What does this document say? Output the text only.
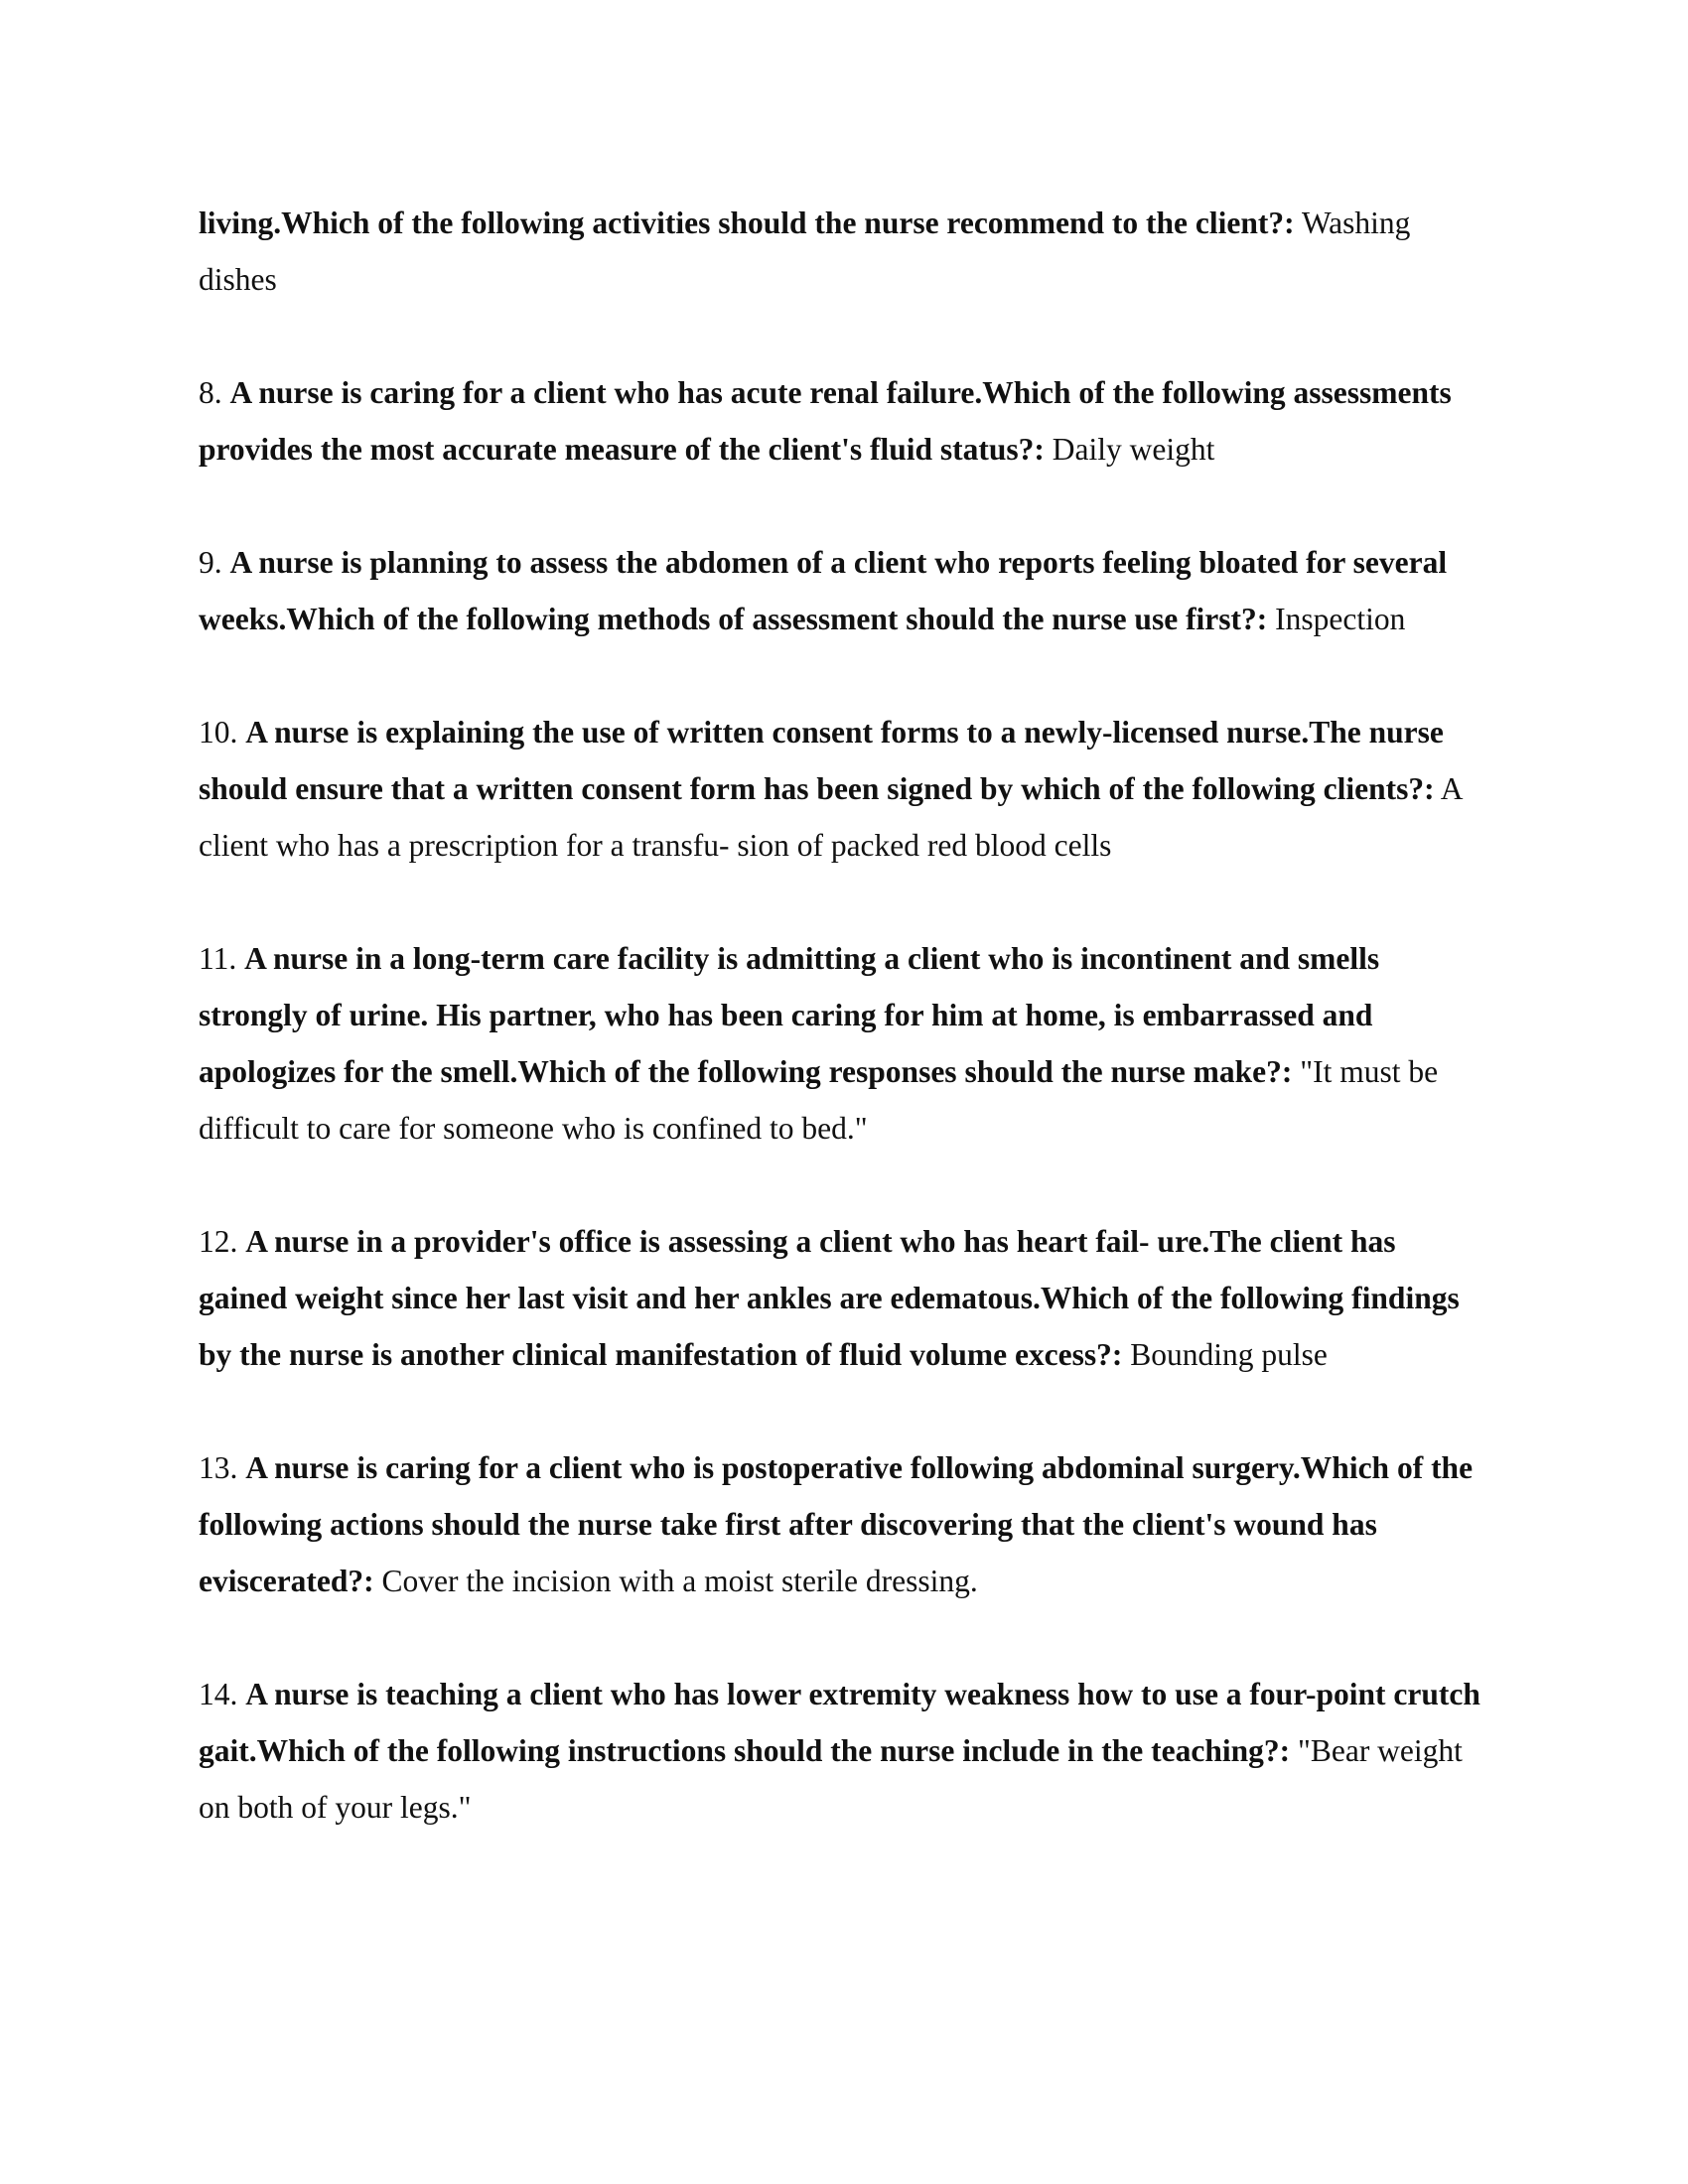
living.Which of the following activities should the nurse recommend to the client?: Washing dishes

8. A nurse is caring for a client who has acute renal failure.Which of the following assessments provides the most accurate measure of the client's fluid status?: Daily weight

9. A nurse is planning to assess the abdomen of a client who reports feeling bloated for several weeks.Which of the following methods of assessment should the nurse use first?: Inspection

10. A nurse is explaining the use of written consent forms to a newly-licensed nurse.The nurse should ensure that a written consent form has been signed by which of the following clients?: A client who has a prescription for a transfu- sion of packed red blood cells

11. A nurse in a long-term care facility is admitting a client who is incontinent and smells strongly of urine. His partner, who has been caring for him at home, is embarrassed and apologizes for the smell.Which of the following responses should the nurse make?: "It must be difficult to care for someone who is confined to bed."

12. A nurse in a provider's office is assessing a client who has heart fail- ure.The client has gained weight since her last visit and her ankles are edematous.Which of the following findings by the nurse is another clinical manifestation of fluid volume excess?: Bounding pulse

13. A nurse is caring for a client who is postoperative following abdominal surgery.Which of the following actions should the nurse take first after discovering that the client's wound has eviscerated?: Cover the incision with a moist sterile dressing.

14. A nurse is teaching a client who has lower extremity weakness how to use a four-point crutch gait.Which of the following instructions should the nurse include in the teaching?: "Bear weight on both of your legs."
